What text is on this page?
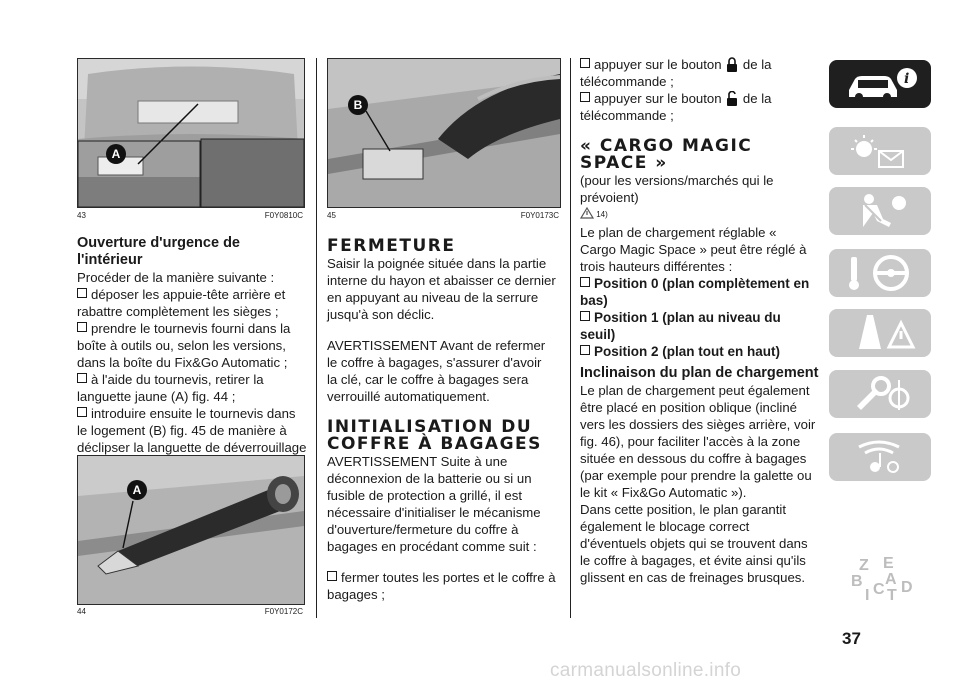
A
43	F0Y0810C
Ouverture d'urgence de l'intérieur

Procéder de la manière suivante :

déposer les appuie-tête arrière et

rabattre complètement les sièges ;

prendre le tournevis fourni dans la

boîte à outils ou, selon les versions,

dans la boîte du Fix&Go Automatic ;

à l'aide du tournevis, retirer la

languette jaune (A) fig. 44 ;

introduire ensuite le tournevis dans

le logement (B) fig. 45 de manière à

déclipser la languette de déverrouillage

A
44	F0Y0172C
B
45	F0Y0173C
FERMETURE

Saisir la poignée située dans la partie

interne du hayon et abaisser ce dernier

en appuyant au niveau de la serrure

jusqu'à son déclic.

AVERTISSEMENT Avant de refermer

le coffre à bagages, s'assurer d'avoir

la clé, car le coffre à bagages sera

verrouillé automatiquement.

INITIALISATION DU
COFFRE À BAGAGES

AVERTISSEMENT Suite à une

déconnexion de la batterie ou si un

fusible de protection a grillé, il est

nécessaire d'initialiser le mécanisme

d'ouverture/fermeture du coffre à

bagages en procédant comme suit :

fermer toutes les portes et le coffre à

bagages ;

appuyer sur le bouton de la

télécommande ;

appuyer sur le bouton de la

télécommande ;

« CARGO MAGIC
SPACE »

(pour les versions/marchés qui le

prévoient)

14)

Le plan de chargement réglable «

Cargo Magic Space » peut être réglé à

trois hauteurs différentes :

Position 0 (plan complètement en

bas)

Position 1 (plan au niveau du

seuil)

Position 2 (plan tout en haut)
Inclinaison du plan de chargement

Le plan de chargement peut également

être placé en position oblique (incliné

vers les dossiers des sièges arrière, voir

fig. 46), pour faciliter l'accès à la zone

située en dessous du coffre à bagages

(par exemple pour prendre la galette ou

le kit « Fix&Go Automatic »).

Dans cette position, le plan garantit

également le blocage correct

d'éventuels objets qui se trouvent dans

le coffre à bagages, et évite ainsi qu'ils

glissent en cas de freinages brusques.

i
Z E
B A
I C T D
37
carmanualsonline.info
